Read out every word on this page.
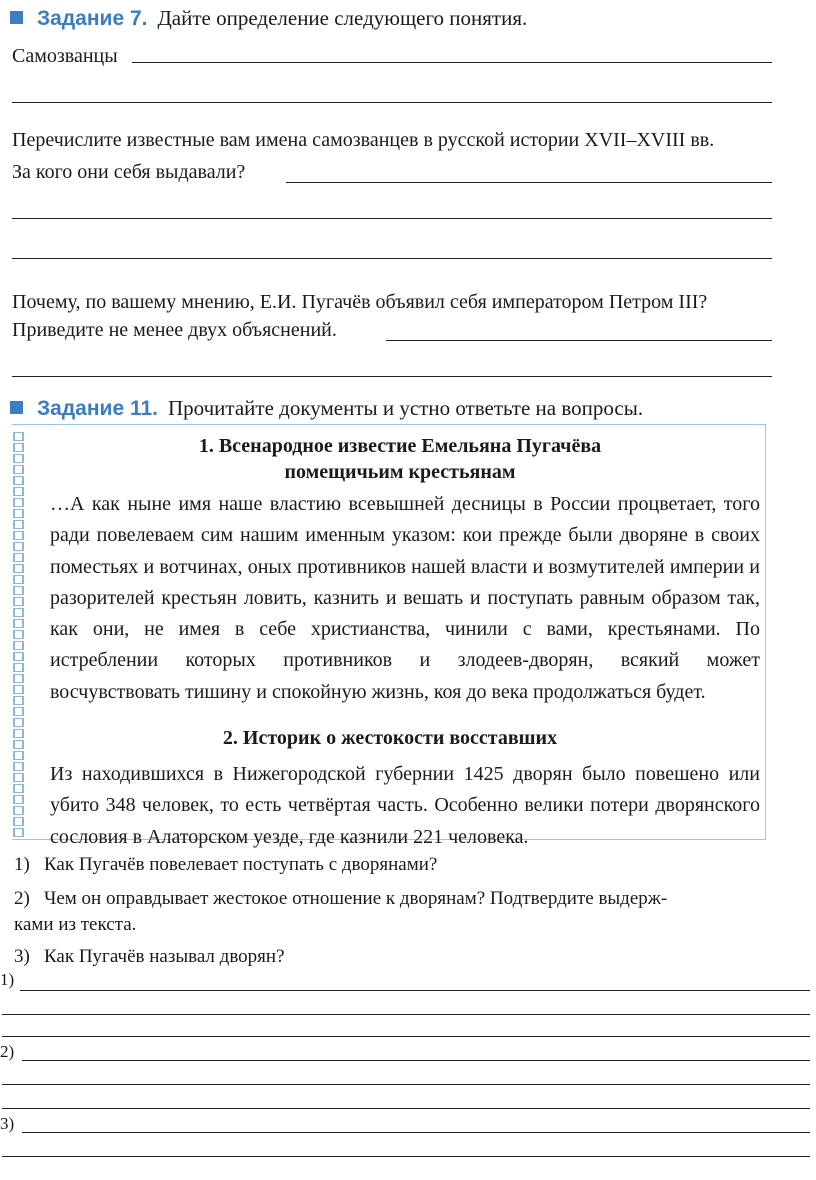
Задание 7. Дайте определение следующего понятия.
Самозванцы
Перечислите известные вам имена самозванцев в русской истории XVII–XVIII вв.
За кого они себя выдавали?
Почему, по вашему мнению, Е.И. Пугачёв объявил себя императором Петром III?
Приведите не менее двух объяснений.
Задание 11. Прочитайте документы и устно ответьте на вопросы.
1. Всенародное известие Емельяна Пугачёва
помещичьим крестьянам

…А как ныне имя наше властию всевышней десницы в России процветает, того ради повелеваем сим нашим именным указом: кои прежде были дворяне в своих поместьях и вотчинах, оных противников нашей власти и возмутителей империи и разорителей крестьян ловить, казнить и вешать и поступать равным образом так, как они, не имея в себе христианства, чинили с вами, крестьянами. По истреблении которых противников и злодеев-дворян, всякий может восчувствовать тишину и спокойную жизнь, коя до века продолжаться будет.

2. Историк о жестокости восставших

Из находившихся в Нижегородской губернии 1425 дворян было повешено или убито 348 человек, то есть четвёртая часть. Особенно велики потери дворянского сословия в Алаторском уезде, где казнили 221 человека.

1) Как Пугачёв повелевает поступать с дворянами?
2) Чем он оправдывает жестокое отношение к дворянам? Подтвердите выдерж-
ками из текста.
3) Как Пугачёв называл дворян?
1)
2)
3)
